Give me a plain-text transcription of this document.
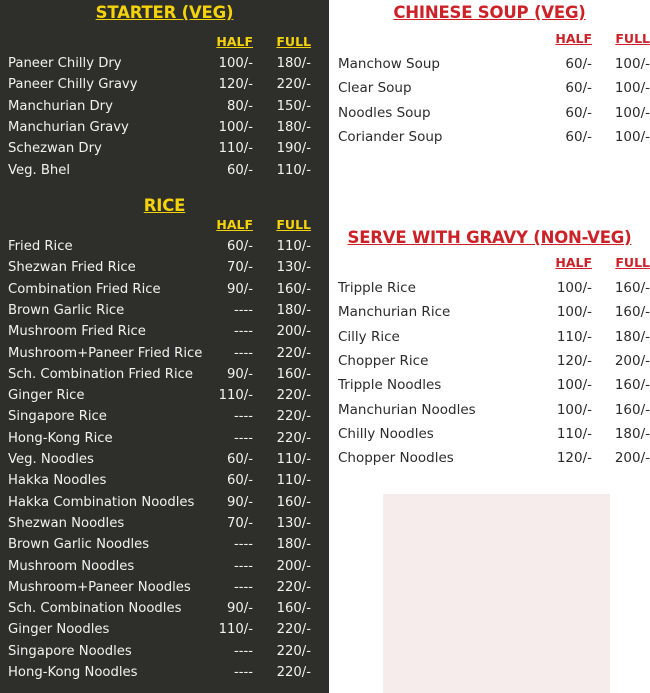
STARTER (VEG)
HALF FULL
Paneer Chilly Dry	100/- 180/-
Paneer Chilly Gravy	120/- 220/-
Manchurian Dry	80/- 150/-
Manchurian Gravy	100/- 180/-
Schezwan Dry	110/- 190/-
Veg. Bhel	60/- 110/-
RICE
HALF FULL
Fried Rice	60/- 110/-
Shezwan Fried Rice	70/- 130/-
Combination Fried Rice	90/- 160/-
Brown Garlic Rice	---- 180/-
Mushroom Fried Rice	---- 200/-
Mushroom+Paneer Fried Rice ---- 220/-
Sch. Combination Fried Rice	90/- 160/-
Ginger Rice	110/- 220/-
Singapore Rice	---- 220/-
Hong-Kong Rice	---- 220/-
Veg. Noodles	60/- 110/-
Hakka Noodles	60/- 110/-
Hakka Combination Noodles 90/- 160/-
Shezwan Noodles	70/- 130/-
Brown Garlic Noodles	---- 180/-
Mushroom Noodles	---- 200/-
Mushroom+Paneer Noodles	---- 220/-
Sch. Combination Noodles	90/- 160/-
Ginger Noodles	110/- 220/-
Singapore Noodles	---- 220/-
Hong-Kong Noodles	---- 220/-
CHINESE SOUP (VEG)
HALF FULL
Manchow Soup	60/- 100/-
Clear Soup	60/- 100/-
Noodles Soup	60/- 100/-
Coriander Soup	60/- 100/-
SERVE WITH GRAVY (NON-VEG)
HALF FULL
Tripple Rice	100/- 160/-
Manchurian Rice	100/- 160/-
Cilly Rice	110/- 180/-
Chopper Rice	120/- 200/-
Tripple Noodles	100/- 160/-
Manchurian Noodles	100/- 160/-
Chilly Noodles	110/- 180/-
Chopper Noodles	120/- 200/-
